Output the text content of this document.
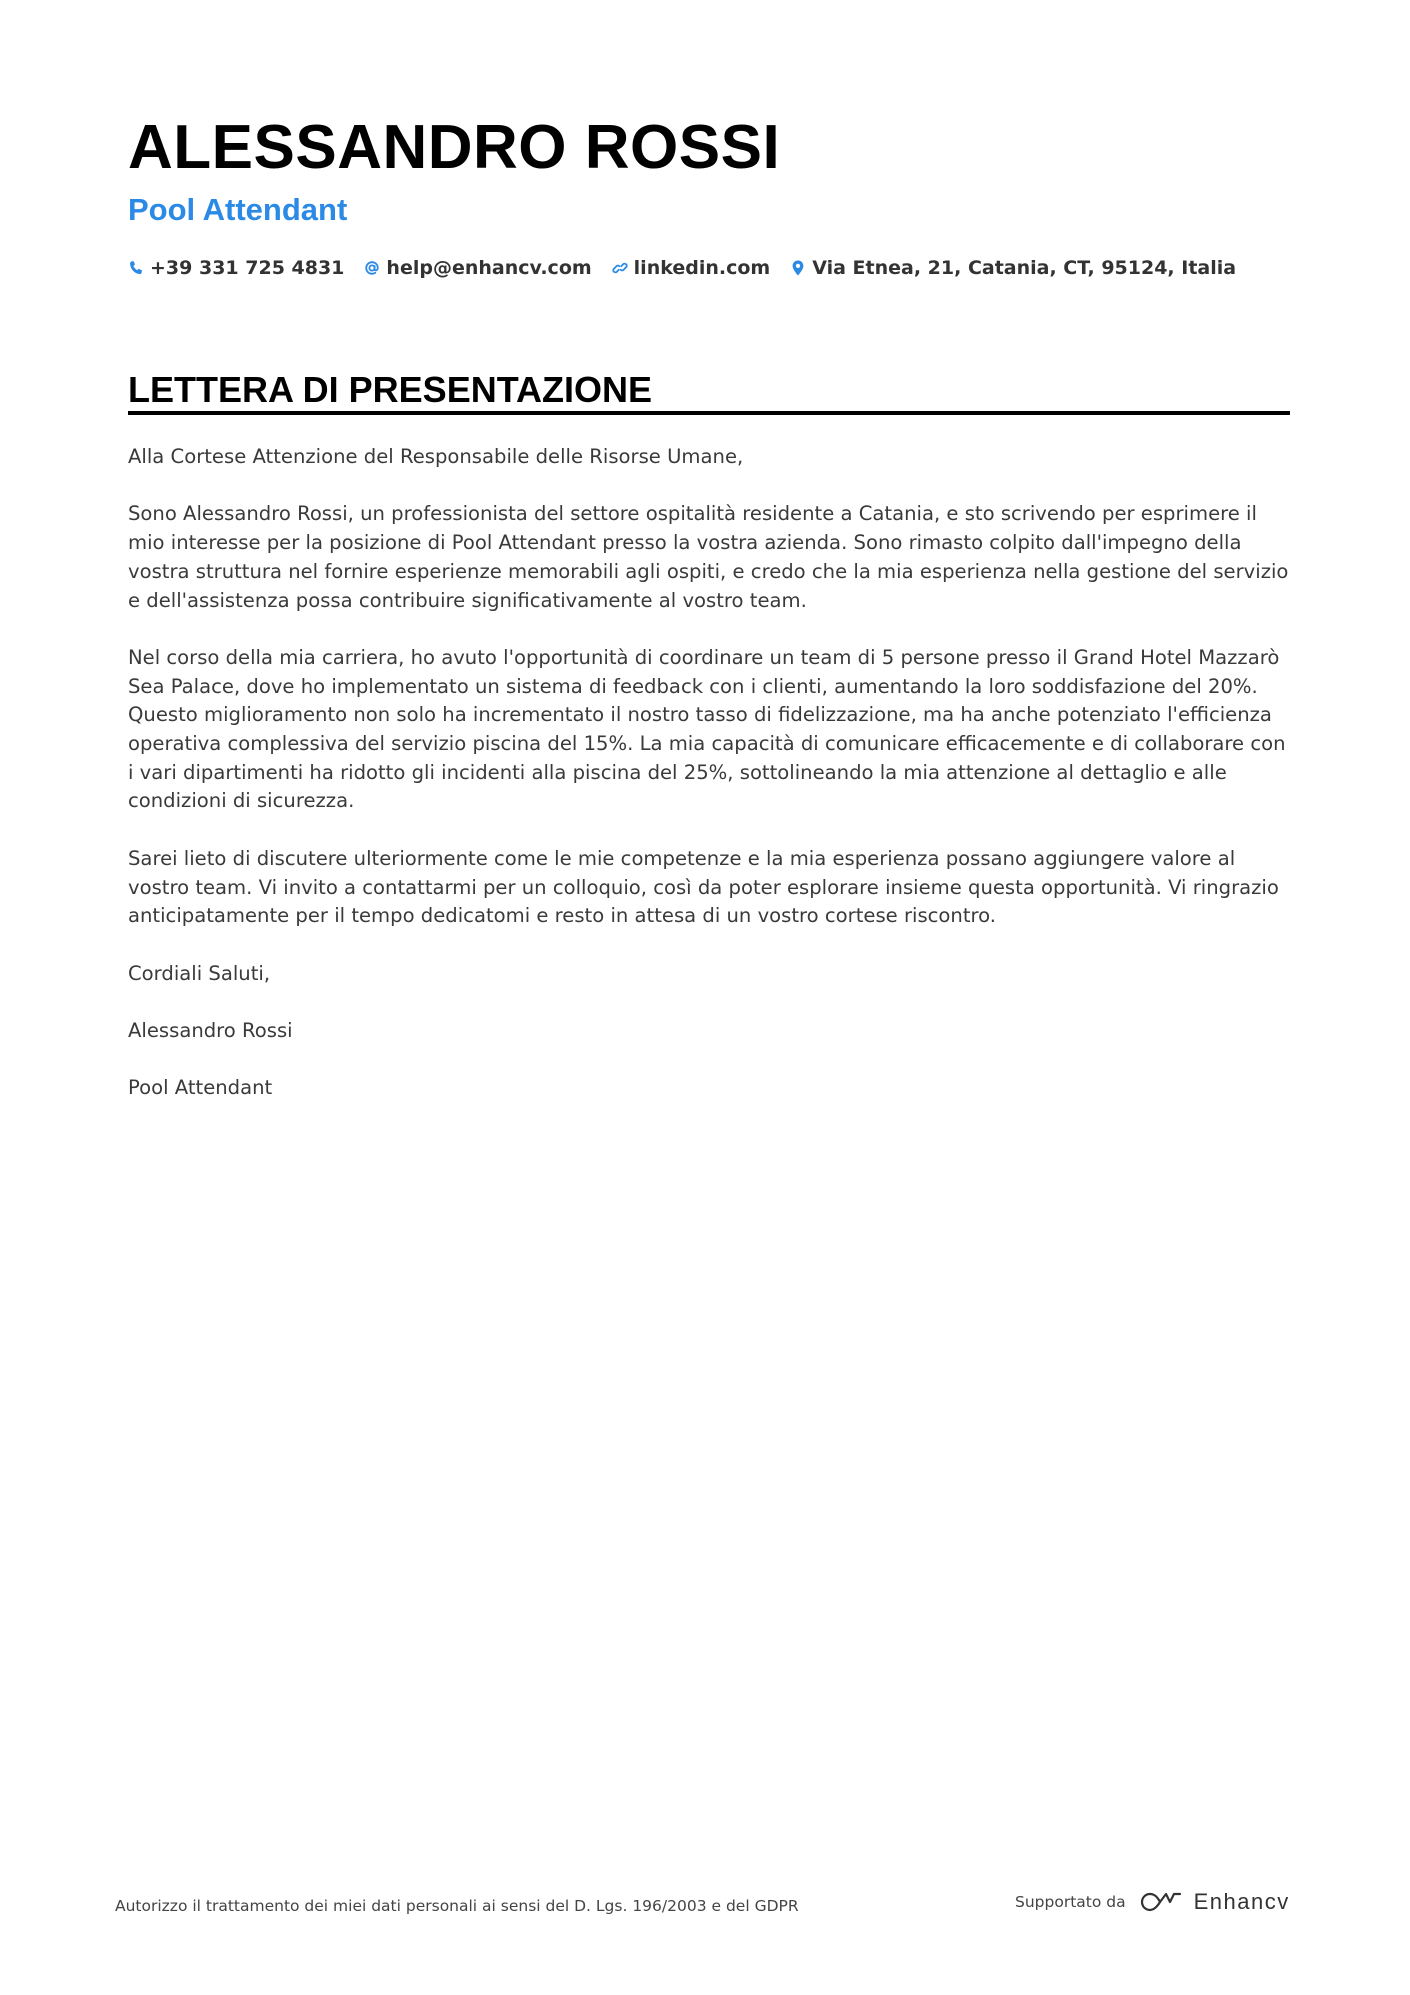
ALESSANDRO ROSSI
Pool Attendant
+39 331 725 4831 help@enhancv.com linkedin.com Via Etnea, 21, Catania, CT, 95124, Italia
LETTERA DI PRESENTAZIONE

Alla Cortese Attenzione del Responsabile delle Risorse Umane,

Sono Alessandro Rossi, un professionista del settore ospitalità residente a Catania, e sto scrivendo per esprimere il mio interesse per la posizione di Pool Attendant presso la vostra azienda. Sono rimasto colpito dall'impegno della vostra struttura nel fornire esperienze memorabili agli ospiti, e credo che la mia esperienza nella gestione del servizio e dell'assistenza possa contribuire significativamente al vostro team.

Nel corso della mia carriera, ho avuto l'opportunità di coordinare un team di 5 persone presso il Grand Hotel Mazzarò Sea Palace, dove ho implementato un sistema di feedback con i clienti, aumentando la loro soddisfazione del 20%. Questo miglioramento non solo ha incrementato il nostro tasso di fidelizzazione, ma ha anche potenziato l'efficienza operativa complessiva del servizio piscina del 15%. La mia capacità di comunicare efficacemente e di collaborare con i vari dipartimenti ha ridotto gli incidenti alla piscina del 25%, sottolineando la mia attenzione al dettaglio e alle condizioni di sicurezza.

Sarei lieto di discutere ulteriormente come le mie competenze e la mia esperienza possano aggiungere valore al vostro team. Vi invito a contattarmi per un colloquio, così da poter esplorare insieme questa opportunità. Vi ringrazio anticipatamente per il tempo dedicatomi e resto in attesa di un vostro cortese riscontro.

Cordiali Saluti,

Alessandro Rossi

Pool Attendant

Autorizzo il trattamento dei miei dati personali ai sensi del D. Lgs. 196/2003 e del GDPR	Supportato da	Enhancv
